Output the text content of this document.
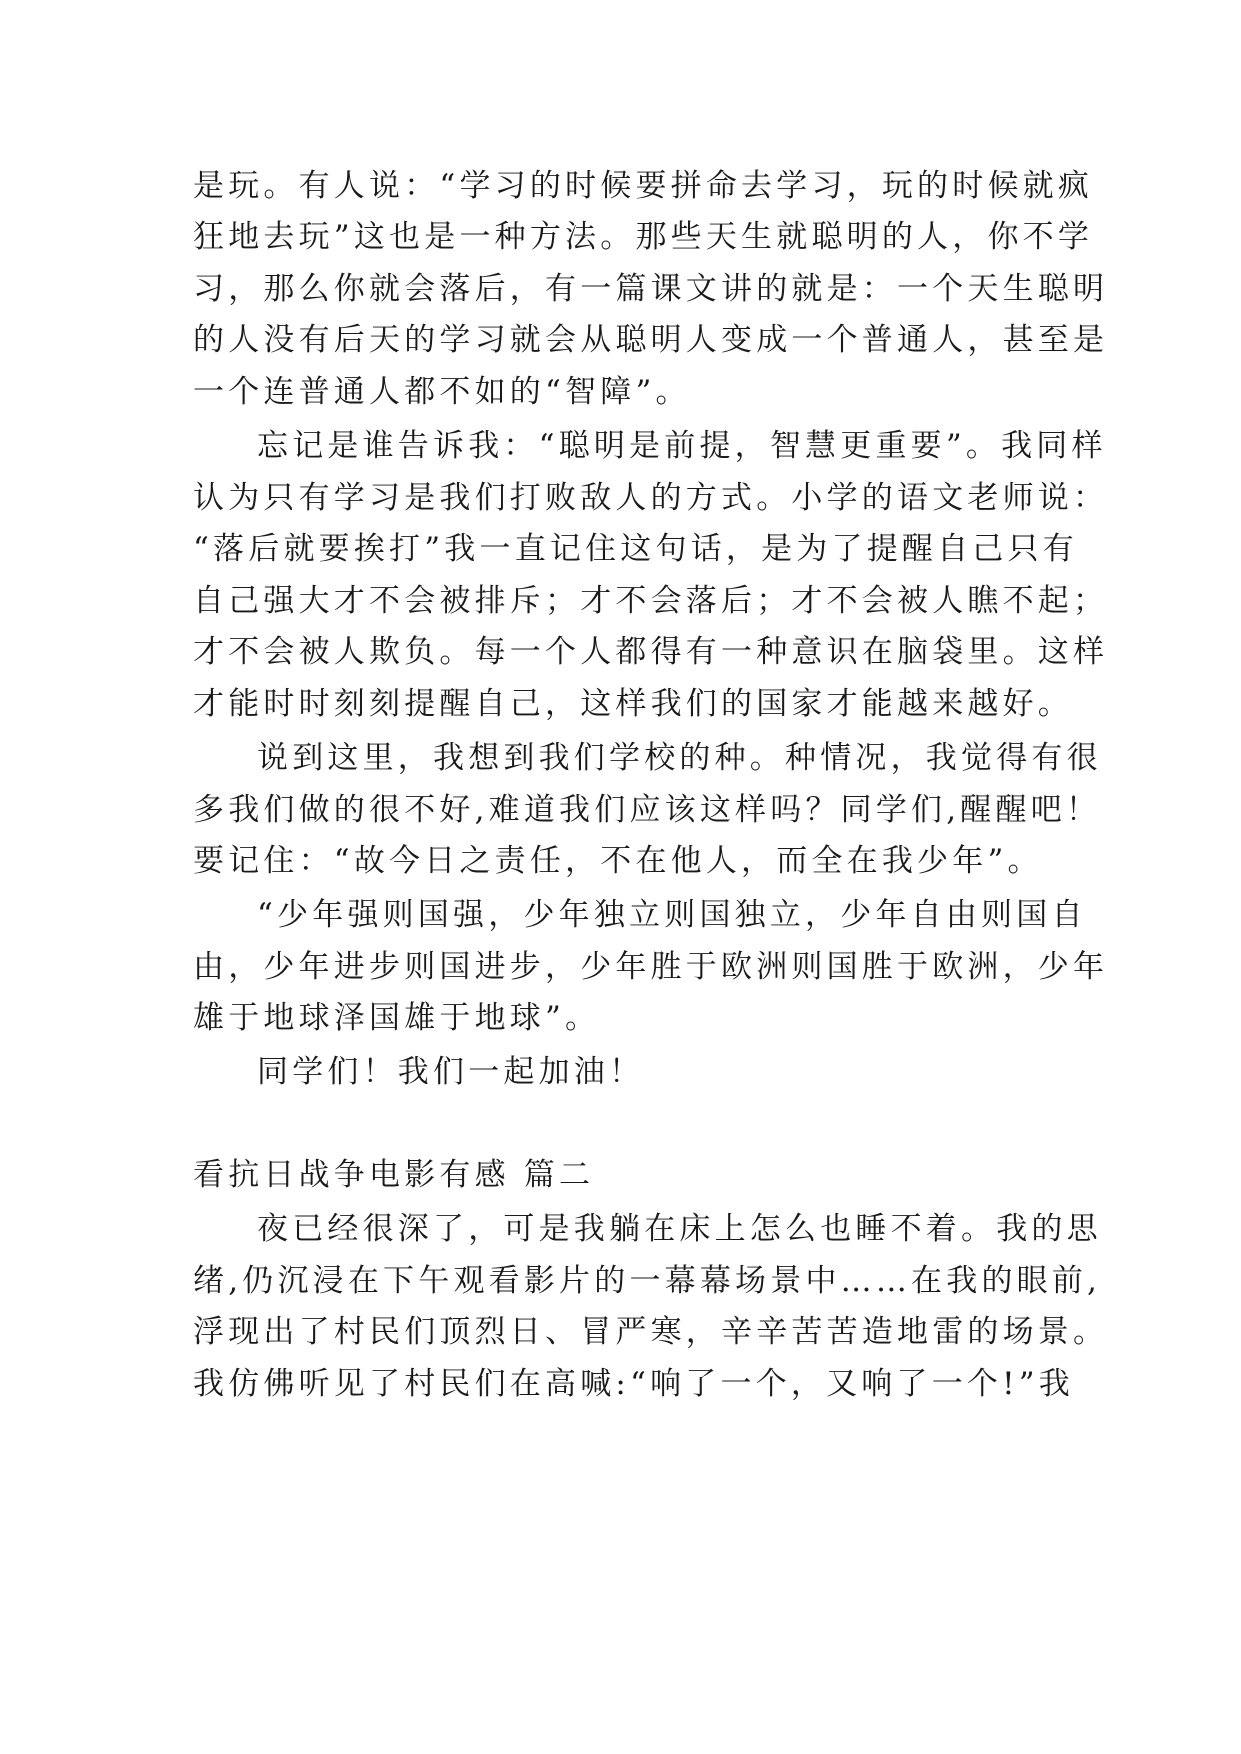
是玩。有人说：“学习的时候要拼命去学习，玩的时候就疯
狂地去玩”这也是一种方法。那些天生就聪明的人，你不学
习，那么你就会落后，有一篇课文讲的就是：一个天生聪明
的人没有后天的学习就会从聪明人变成一个普通人，甚至是
一个连普通人都不如的“智障”。
忘记是谁告诉我：“聪明是前提，智慧更重要”。我同样
认为只有学习是我们打败敌人的方式。小学的语文老师说：
“落后就要挨打”我一直记住这句话，是为了提醒自己只有
自己强大才不会被排斥；才不会落后；才不会被人瞧不起；
才不会被人欺负。每一个人都得有一种意识在脑袋里。这样
才能时时刻刻提醒自己，这样我们的国家才能越来越好。
说到这里，我想到我们学校的种。种情况，我觉得有很
多我们做的很不好,难道我们应该这样吗？同学们,醒醒吧！
要记住：“故今日之责任，不在他人，而全在我少年”。
“少年强则国强，少年独立则国独立，少年自由则国自
由，少年进步则国进步，少年胜于欧洲则国胜于欧洲，少年
雄于地球泽国雄于地球”。
同学们！我们一起加油！
看抗日战争电影有感 篇二
夜已经很深了，可是我躺在床上怎么也睡不着。我的思
绪,仍沉浸在下午观看影片的一幕幕场景中……在我的眼前,
浮现出了村民们顶烈日、冒严寒，辛辛苦苦造地雷的场景。
我仿佛听见了村民们在高喊:“响了一个，又响了一个!”我
